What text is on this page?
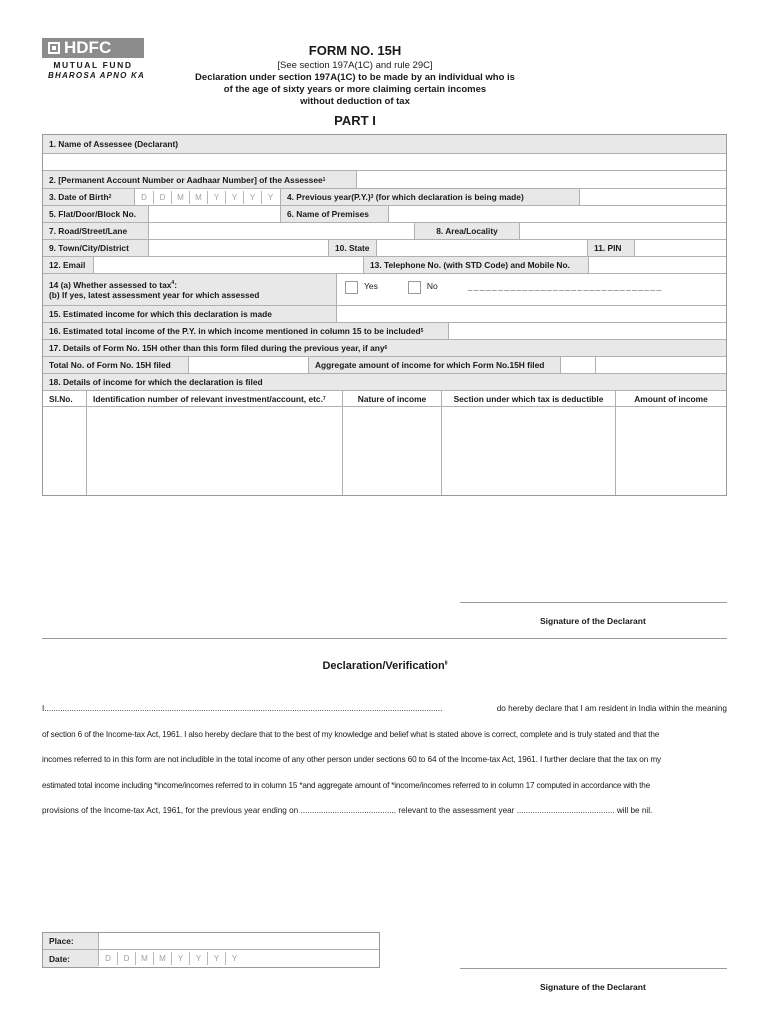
HDFC
MUTUAL FUND
BHAROSA APNO KA
FORM NO. 15H
[See section 197A(1C) and rule 29C]
Declaration under section 197A(1C) to be made by an individual who is
of the age of sixty years or more claiming certain incomes
without deduction of tax
PART I
1. Name of Assessee (Declarant)
2. [Permanent Account Number or Aadhaar Number] of the Assessee 1
3. Date of Birth 2	D	D	M	M	Y	Y	Y	Y	4. Previous year(P.Y.) 3
(for which declaration is being made)
5. Flat/Door/Block No.	6. Name of Premises
7. Road/Street/Lane	8. Area/Locality
9. Town/City/District	10. State	11. PIN
12. Email	13. Telephone No. (with STD Code) and Mobile No.
14 (a) Whether assessed to tax$^4$:
(b) If yes, latest assessment year for which assessed
Yes	No	_ _ _ _ _ _ _ _ _ _ _ _ _ _ _ _ _ _ _ _ _ _ _ _ _ _ _ _ _ _ _ _
15. Estimated income for which this declaration is made
16. Estimated total income of the P.Y. in which income mentioned in column 15 to be included 5
17. Details of Form No. 15H other than this form filed during the previous year, if any 6
Total No. of Form No. 15H filed	Aggregate amount of income for which Form No.15H filed
18. Details of income for which the declaration is filed
Sl.No.	Identification number of relevant investment/account, etc. 7	Nature of income	Section under which tax is deductible	Amount of income
Signature of the Declarant
Declaration/Verification$^8$
I ...............................................................................................................................................................................	do hereby declare that I am resident in India within the meaning
of section 6 of the Income-tax Act, 1961. I also hereby declare that to the best of my knowledge and belief what is stated above is correct, complete and is truly stated and that the
incomes referred to in this form are not includible in the total income of any other person under sections 60 to 64 of the Income-tax Act, 1961. I further declare that the tax on my
estimated total income including *income/incomes referred to in column 15 *and aggregate amount of *income/incomes referred to in column 17 computed in accordance with the
provisions of the Income-tax Act, 1961, for the previous year ending on .......................................... relevant to the assessment year ........................................... will be nil.
Place:
Date:	D	D	M	M	Y	Y	Y	Y
Signature of the Declarant
